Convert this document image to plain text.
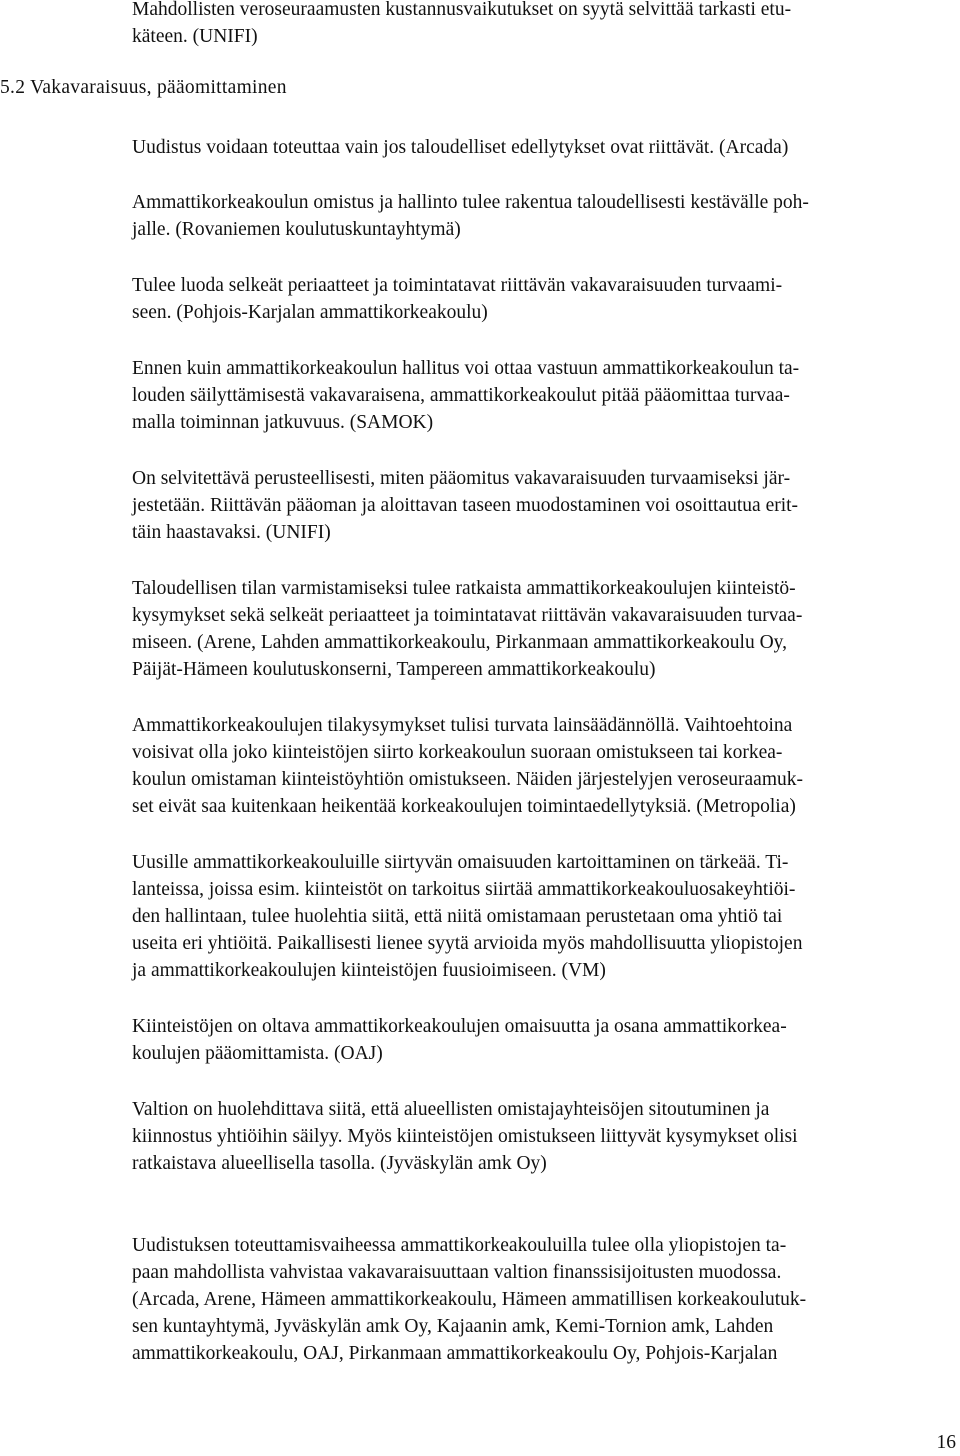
Mahdollisten veroseuraamusten kustannusvaikutukset on syytä selvittää tarkasti etu-
käteen. (UNIFI)
5.2 Vakavaraisuus, pääomittaminen
Uudistus voidaan toteuttaa vain jos taloudelliset edellytykset ovat riittävät. (Arcada)
Ammattikorkeakoulun omistus ja hallinto tulee rakentua taloudellisesti kestävälle poh-
jalle. (Rovaniemen koulutuskuntayhtymä)
Tulee luoda selkeät periaatteet ja toimintatavat riittävän vakavaraisuuden turvaami-
seen. (Pohjois-Karjalan ammattikorkeakoulu)
Ennen kuin ammattikorkeakoulun hallitus voi ottaa vastuun ammattikorkeakoulun ta-
louden säilyttämisestä vakavaraisena, ammattikorkeakoulut pitää pääomittaa turvaa-
malla toiminnan jatkuvuus. (SAMOK)
On selvitettävä perusteellisesti, miten pääomitus vakavaraisuuden turvaamiseksi jär-
jestetään. Riittävän pääoman ja aloittavan taseen muodostaminen voi osoittautua erit-
täin haastavaksi. (UNIFI)
Taloudellisen tilan varmistamiseksi tulee ratkaista ammattikorkeakoulujen kiinteistö-
kysymykset sekä selkeät periaatteet ja toimintatavat riittävän vakavaraisuuden turvaa-
miseen. (Arene, Lahden ammattikorkeakoulu, Pirkanmaan ammattikorkeakoulu Oy,
Päijät-Hämeen koulutuskonserni, Tampereen ammattikorkeakoulu)
Ammattikorkeakoulujen tilakysymykset tulisi turvata lainsäädännöllä. Vaihtoehtoina
voisivat olla joko kiinteistöjen siirto korkeakoulun suoraan omistukseen tai korkea-
koulun omistaman kiinteistöyhtiön omistukseen. Näiden järjestelyjen veroseuraamuk-
set eivät saa kuitenkaan heikentää korkeakoulujen toimintaedellytyksiä. (Metropolia)
Uusille ammattikorkeakouluille siirtyvän omaisuuden kartoittaminen on tärkeää. Ti-
lanteissa, joissa esim. kiinteistöt on tarkoitus siirtää ammattikorkeakouluosakeyhtiöi-
den hallintaan, tulee huolehtia siitä, että niitä omistamaan perustetaan oma yhtiö tai
useita eri yhtiöitä. Paikallisesti lienee syytä arvioida myös mahdollisuutta yliopistojen
ja ammattikorkeakoulujen kiinteistöjen fuusioimiseen. (VM)
Kiinteistöjen on oltava ammattikorkeakoulujen omaisuutta ja osana ammattikorkea-
koulujen pääomittamista. (OAJ)
Valtion on huolehdittava siitä, että alueellisten omistajayhteisöjen sitoutuminen ja
kiinnostus yhtiöihin säilyy. Myös kiinteistöjen omistukseen liittyvät kysymykset olisi
ratkaistava alueellisella tasolla. (Jyväskylän amk Oy)
Uudistuksen toteuttamisvaiheessa ammattikorkeakouluilla tulee olla yliopistojen ta-
paan mahdollista vahvistaa vakavaraisuuttaan valtion finanssisijoitusten muodossa.
(Arcada, Arene, Hämeen ammattikorkeakoulu, Hämeen ammatillisen korkeakoulutuk-
sen kuntayhtymä, Jyväskylän amk Oy, Kajaanin amk, Kemi-Tornion amk, Lahden
ammattikorkeakoulu, OAJ, Pirkanmaan ammattikorkeakoulu Oy, Pohjois-Karjalan
16
